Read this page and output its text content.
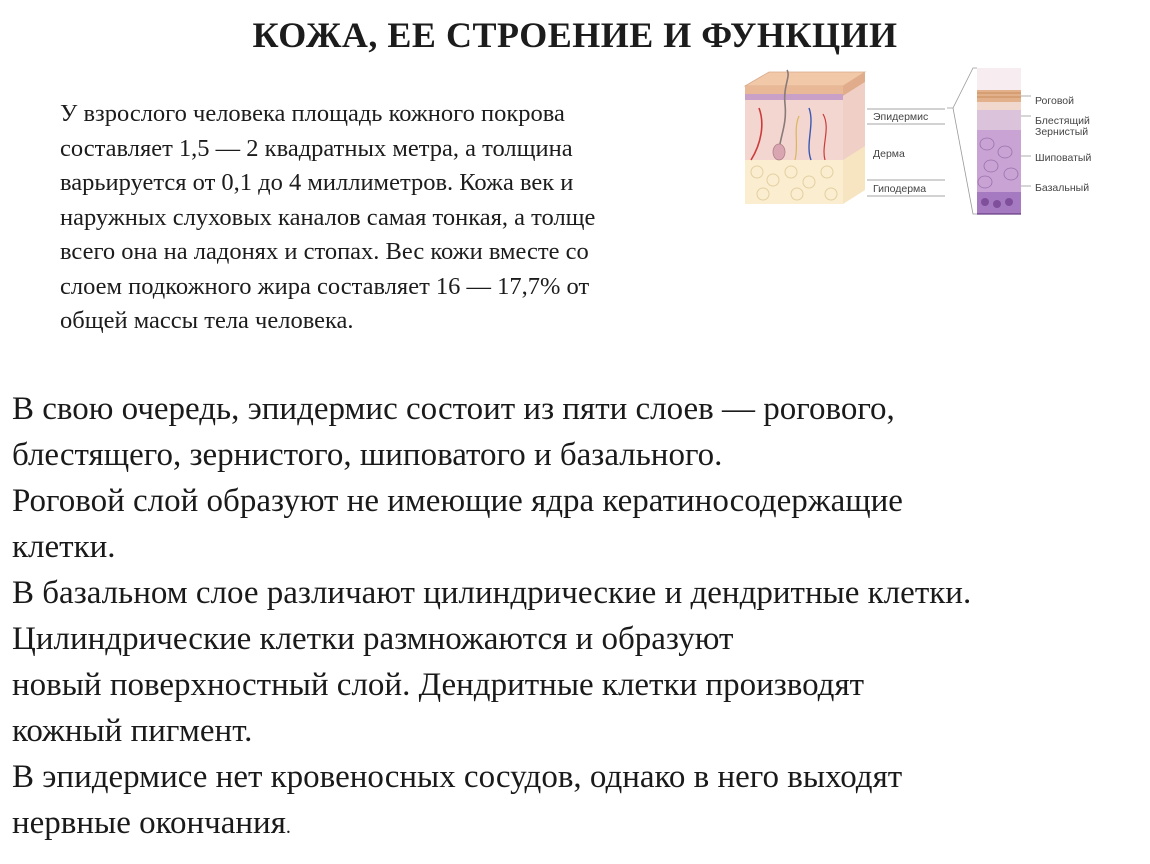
КОЖА, ЕЕ СТРОЕНИЕ И ФУНКЦИИ

У взрослого человека площадь кожного покрова
составляет 1,5 — 2 квадратных метра, а толщина
варьируется от 0,1 до 4 миллиметров. Кожа век и
наружных слуховых каналов самая тонкая, а толще
всего она на ладонях и стопах. Вес кожи вместе со
слоем подкожного жира составляет 16 — 17,7% от
общей массы тела человека.

Эпидермис
Дерма
Гиподерма
Роговой
Блестящий
Зернистый
Шиповатый
Базальный

В свою очередь, эпидермис состоит из пяти слоев — рогового,
блестящего, зернистого, шиповатого и базального.
Роговой слой образуют не имеющие ядра кератиносодержащие
клетки.
В базальном слое различают цилиндрические и дендритные клетки.
Цилиндрические клетки размножаются и образуют
новый поверхностный слой. Дендритные клетки производят
кожный пигмент.
В эпидермисе нет кровеносных сосудов, однако в него выходят
нервные окончания.
